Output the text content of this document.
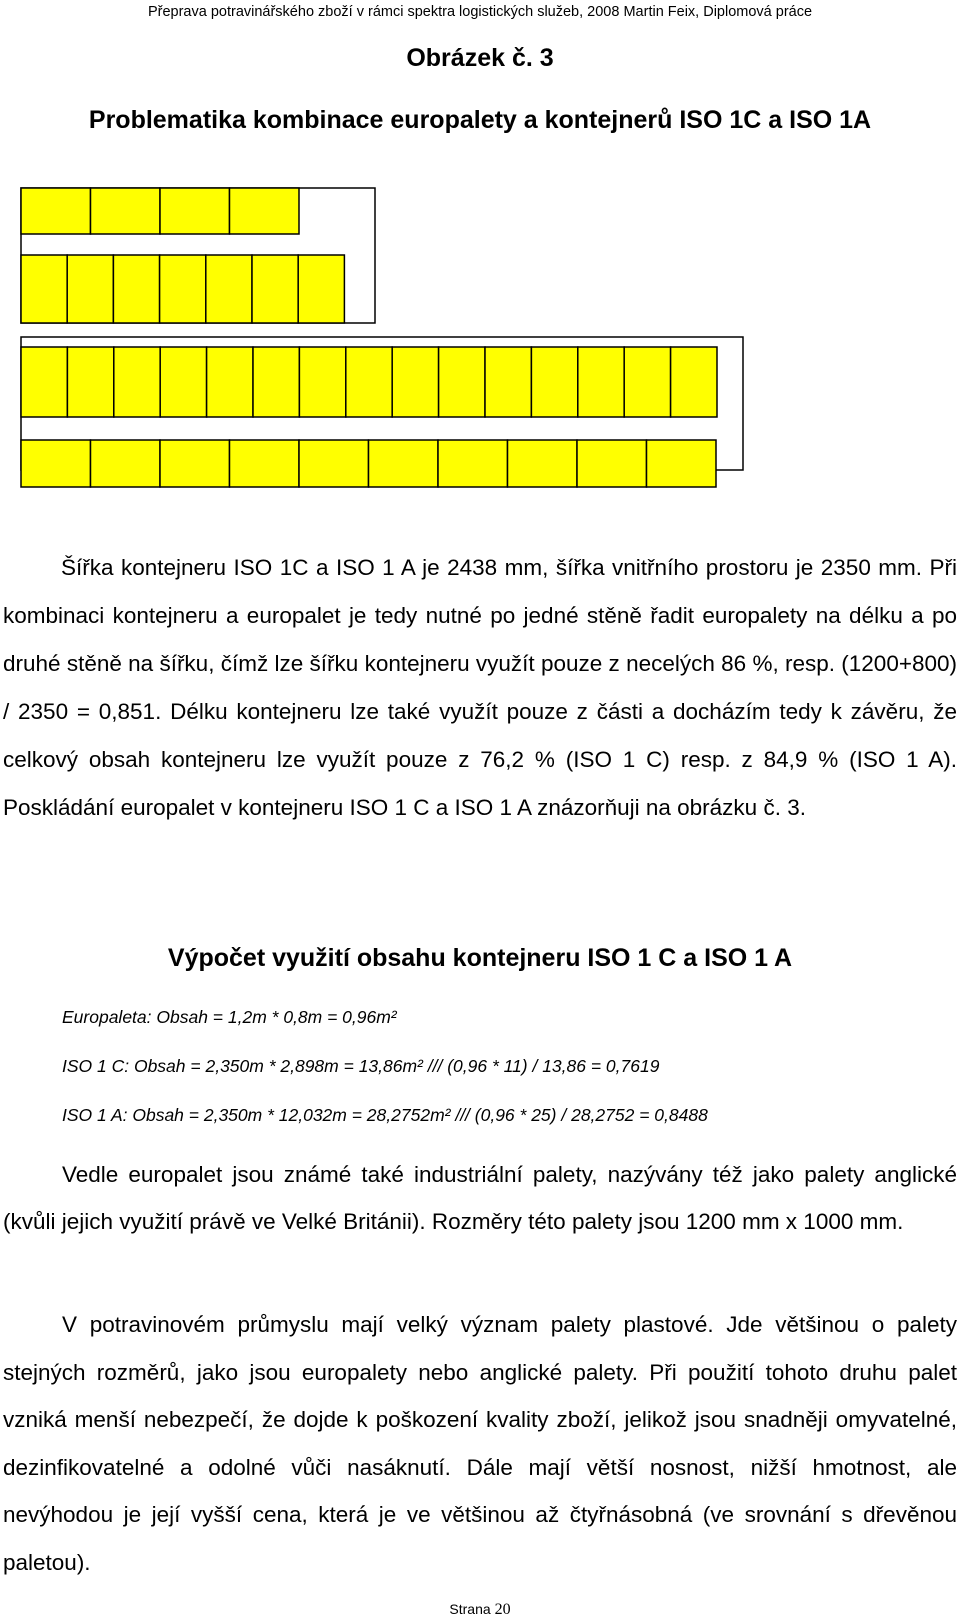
Přeprava potravinářského zboží v rámci spektra logistických služeb, 2008 Martin Feix, Diplomová práce
Obrázek č. 3
Problematika kombinace europalety a kontejnerů ISO 1C a ISO 1A

Šířka kontejneru ISO 1C a ISO 1 A je 2438 mm, šířka vnitřního prostoru je 2350 mm. Při kombinaci kontejneru a europalet je tedy nutné po jedné stěně řadit europalety na délku a po druhé stěně na šířku, čímž lze šířku kontejneru využít pouze z necelých 86 %, resp. (1200+800) / 2350 = 0,851. Délku kontejneru lze také využít pouze z části a docházím tedy k závěru, že celkový obsah kontejneru lze využít pouze z 76,2 % (ISO 1 C) resp. z 84,9 % (ISO 1 A). Poskládání europalet v kontejneru ISO 1 C a ISO 1 A znázorňuji na obrázku č. 3.

Výpočet využití obsahu kontejneru ISO 1 C a ISO 1 A
Europaleta: Obsah = 1,2m * 0,8m = 0,96m²
ISO 1 C: Obsah = 2,350m * 2,898m = 13,86m² /// (0,96 * 11) / 13,86 = 0,7619
ISO 1 A: Obsah = 2,350m * 12,032m = 28,2752m² /// (0,96 * 25) / 28,2752 = 0,8488

Vedle europalet jsou známé také industriální palety, nazývány též jako palety anglické (kvůli jejich využití právě ve Velké Británii). Rozměry této palety jsou 1200 mm x 1000 mm.

V potravinovém průmyslu mají velký význam palety plastové. Jde většinou o palety stejných rozměrů, jako jsou europalety nebo anglické palety. Při použití tohoto druhu palet vzniká menší nebezpečí, že dojde k poškození kvality zboží, jelikož jsou snadněji omyvatelné, dezinfikovatelné a odolné vůči nasáknutí. Dále mají větší nosnost, nižší hmotnost, ale nevýhodou je její vyšší cena, která je ve většinou až čtyřnásobná (ve srovnání s dřevěnou paletou).

Strana 20
